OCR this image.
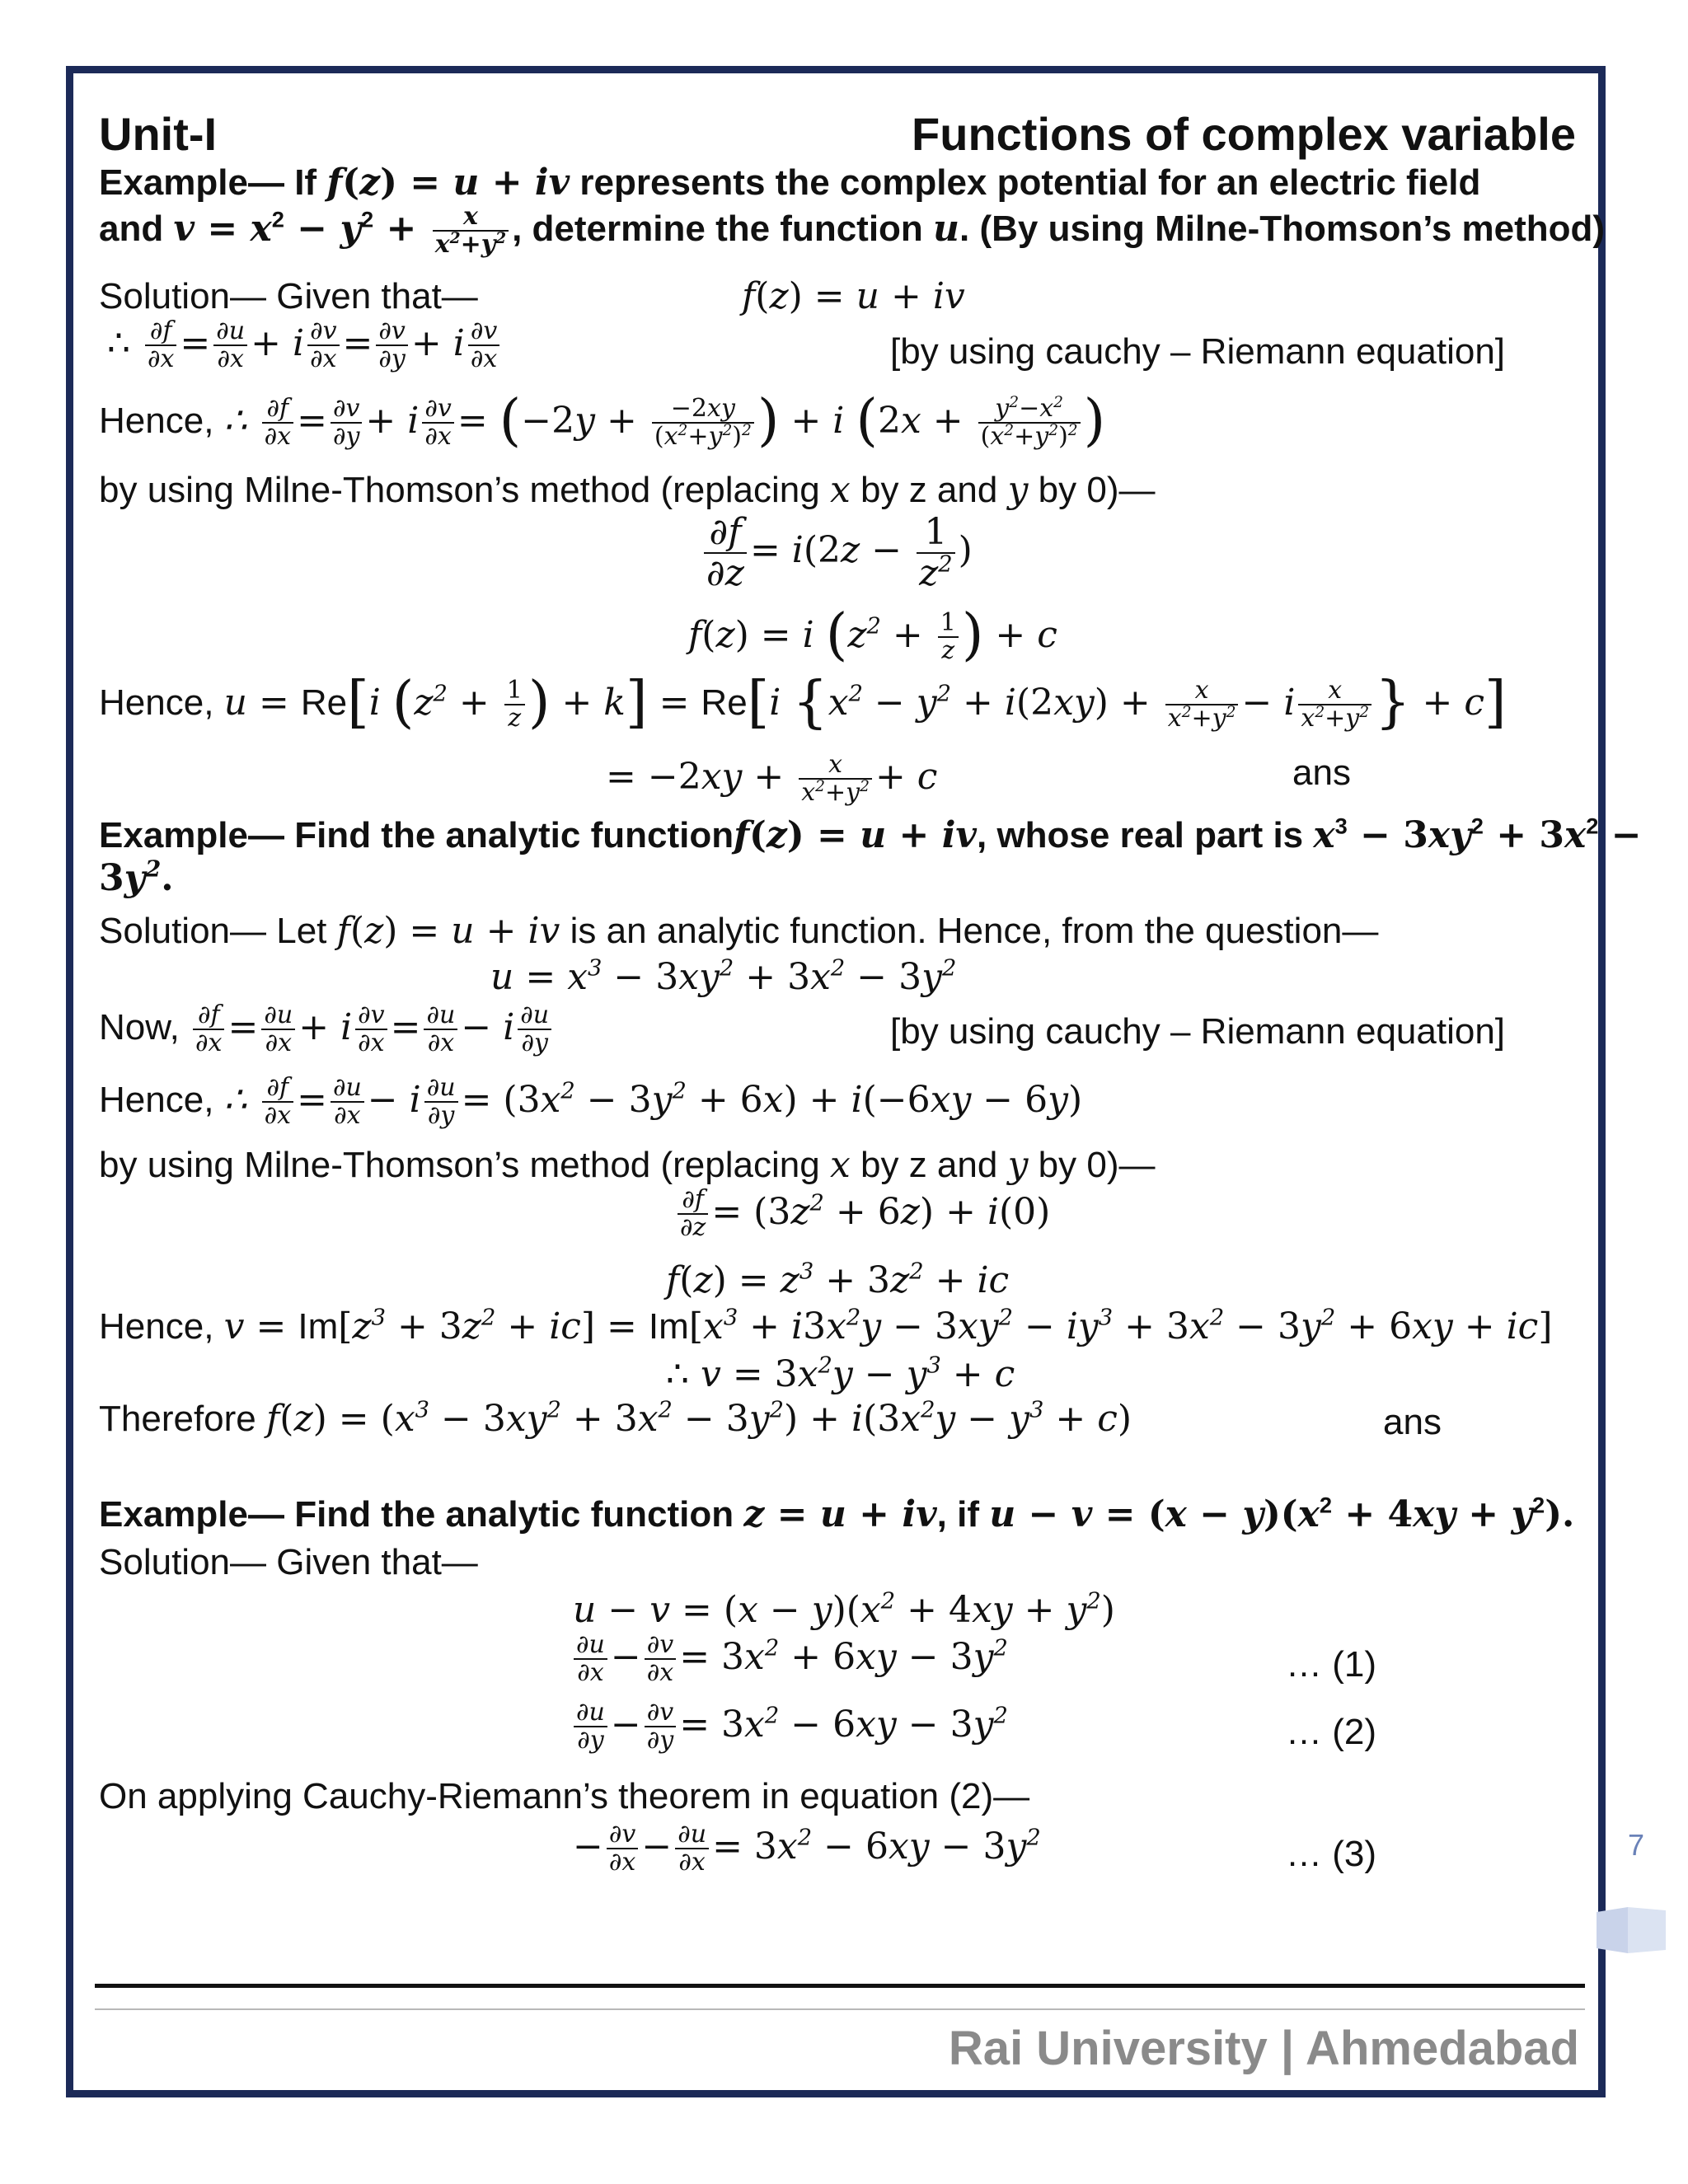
Unit-I	Functions of complex variable
Example— If f(z) = u + iv represents the complex potential for an electric field
and $v = x^2 - y^2 + \frac{x}{x^2+y^2}$ , determine the function u. (By using Milne-Thomson’s method)
Solution— Given that—	f(z) = u + iv
∴ $\frac{\partial f}{\partial x} = \frac{\partial u}{\partial x} + i \frac{\partial v}{\partial x} = \frac{\partial v}{\partial y} + i \frac{\partial v}{\partial x}$	[by using cauchy – Riemann equation]
Hence, ∴ $\frac{\partial f}{\partial x} = \frac{\partial v}{\partial y} + i \frac{\partial v}{\partial x} = (-2y + \frac{-2xy}{(x^2+y^2)^2}$ ) + i ($2x + \frac{y^2-x^2}{(x^2+y^2)^2}$ )
by using Milne-Thomson’s method (replacing x by z and y by 0)—
$\frac{\partial f}{\partial z} = i(2z - \frac{1}{z^2}$ )
f(z) = i ($z^2 + \frac{1}{z}$ ) + c
Hence, u = Re[i ($z^2 + \frac{1}{z}$ ) + k] = Re[i {$x^2 - y^2 + i(2xy) + \frac{x}{x^2+y^2} - i \frac{x}{x^2+y^2}$ } + c]
= $-2xy + \frac{x}{x^2+y^2} + c$	ans
Example— Find the analytic functionf(z) = u + iv, whose real part is $x^3 - 3xy^2 + 3x^2$ −
$3y^2$.
Solution— Let f(z) = u + iv is an analytic function. Hence, from the question—
$u = x^3 - 3xy^2 + 3x^2 - 3y^2$
Now, $\frac{\partial f}{\partial x} = \frac{\partial u}{\partial x} + i \frac{\partial v}{\partial x} = \frac{\partial u}{\partial x} - i \frac{\partial u}{\partial y}$	[by using cauchy – Riemann equation]
Hence, ∴ $\frac{\partial f}{\partial x} = \frac{\partial u}{\partial x} - i \frac{\partial u}{\partial y} = (3x^2 - 3y^2 + 6x) + i(-6xy - 6y)$
by using Milne-Thomson’s method (replacing x by z and y by 0)—
$\frac{\partial f}{\partial z} = (3z^2 + 6z) + i(0)$
$f(z) = z^3 + 3z^2$ + ic
Hence, $v = Im[z^3 + 3z^2 + ic] = Im[x^3 + i3x^2y - 3xy^2 - iy^3 + 3x^2 - 3y^2 + 6xy + ic]$
∴ $v = 3x^2y - y^3 + c$
Therefore $f(z) = (x^3 - 3xy^2 + 3x^2 - 3y^2) + i(3x^2y - y^3 + c)$	ans
Example— Find the analytic function z = u + iv, if $u - v = (x - y)(x^2 + 4xy + y^2)$.
Solution— Given that—
$u - v = (x - y)(x^2 + 4xy + y^2)$
$\frac{\partial u}{\partial x} - \frac{\partial v}{\partial x} = 3x^2 + 6xy - 3y^2$	… (1)
$\frac{\partial u}{\partial y} - \frac{\partial v}{\partial y} = 3x^2 - 6xy - 3y^2$	… (2)
On applying Cauchy-Riemann’s theorem in equation (2)—
− $\frac{\partial v}{\partial x} - \frac{\partial u}{\partial x} = 3x^2 - 6xy - 3y^2$	… (3)	7
Rai University | Ahmedabad
